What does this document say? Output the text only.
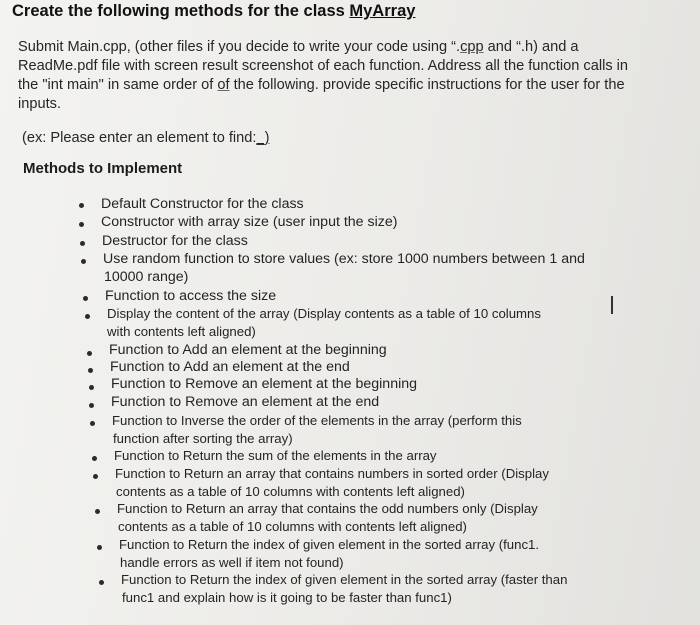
Create the following methods for the class MyArray
Submit Main.cpp, (other files if you decide to write your code using “.cpp and “.h) and a ReadMe.pdf file with screen result screenshot of each function. Address all the function calls in the "int main" in same order of of the following. provide specific instructions for the user for the inputs.
(ex: Please enter an element to find:_)
Methods to Implement
Default Constructor for the class
Constructor with array size (user input the size)
Destructor for the class
Use random function to store values (ex: store 1000 numbers between 1 and
10000 range)
Function to access the size
Display the content of the array (Display contents as a table of 10 columns
with contents left aligned)
Function to Add an element at the beginning
Function to Add an element at the end
Function to Remove an element at the beginning
Function to Remove an element at the end
Function to Inverse the order of the elements in the array (perform this
function after sorting the array)
Function to Return the sum of the elements in the array
Function to Return an array that contains numbers in sorted order (Display
contents as a table of 10 columns with contents left aligned)
Function to Return an array that contains the odd numbers only (Display
contents as a table of 10 columns with contents left aligned)
Function to Return the index of given element in the sorted array (func1.
handle errors as well if item not found)
Function to Return the index of given element in the sorted array (faster than
func1 and explain how is it going to be faster than func1)
